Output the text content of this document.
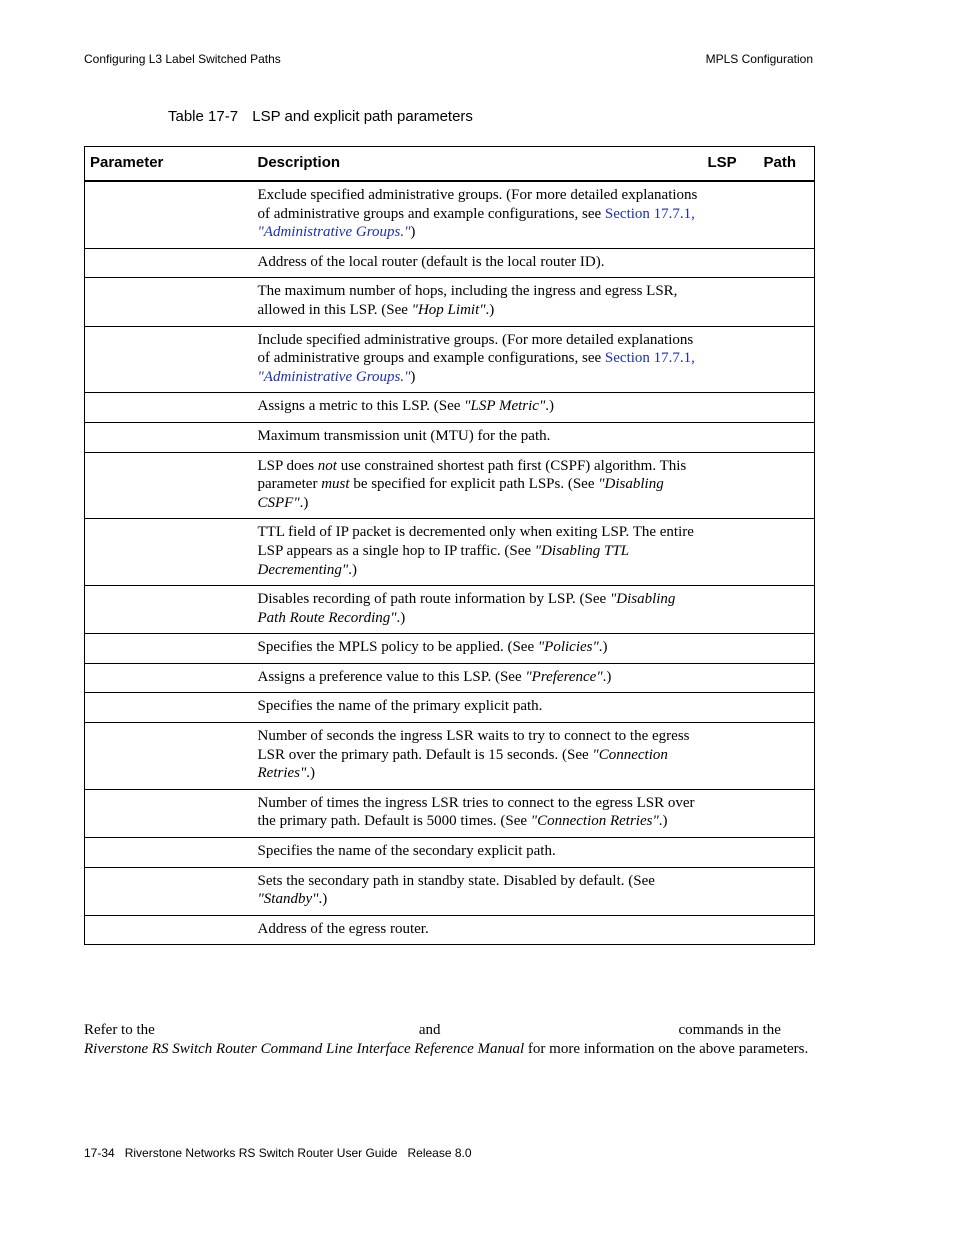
Configuring L3 Label Switched Paths	MPLS Configuration
Table 17-7 LSP and explicit path parameters
Parameter	Description	LSP	Path
	Exclude specified administrative groups. (For more detailed explanations of administrative groups and example configurations, see Section 17.7.1, "Administrative Groups.")		
	Address of the local router (default is the local router ID).		
	The maximum number of hops, including the ingress and egress LSR, allowed in this LSP. (See "Hop Limit".)		
	Include specified administrative groups. (For more detailed explanations of administrative groups and example configurations, see Section 17.7.1, "Administrative Groups.")		
	Assigns a metric to this LSP. (See "LSP Metric".)		
	Maximum transmission unit (MTU) for the path.		
	LSP does not use constrained shortest path first (CSPF) algorithm. This parameter must be specified for explicit path LSPs. (See "Disabling CSPF".)		
	TTL field of IP packet is decremented only when exiting LSP. The entire LSP appears as a single hop to IP traffic. (See "Disabling TTL Decrementing".)		
	Disables recording of path route information by LSP. (See "Disabling Path Route Recording".)		
	Specifies the MPLS policy to be applied. (See "Policies".)		
	Assigns a preference value to this LSP. (See "Preference".)		
	Specifies the name of the primary explicit path.		
	Number of seconds the ingress LSR waits to try to connect to the egress LSR over the primary path. Default is 15 seconds. (See "Connection Retries".)		
	Number of times the ingress LSR tries to connect to the egress LSR over the primary path. Default is 5000 times. (See "Connection Retries".)		
	Specifies the name of the secondary explicit path.		
	Sets the secondary path in standby state. Disabled by default. (See "Standby".)		
	Address of the egress router.		
Refer to the	and	commands in the
Riverstone RS Switch Router Command Line Interface Reference Manual for more information on the above parameters.
17-34 Riverstone Networks RS Switch Router User Guide   Release 8.0
